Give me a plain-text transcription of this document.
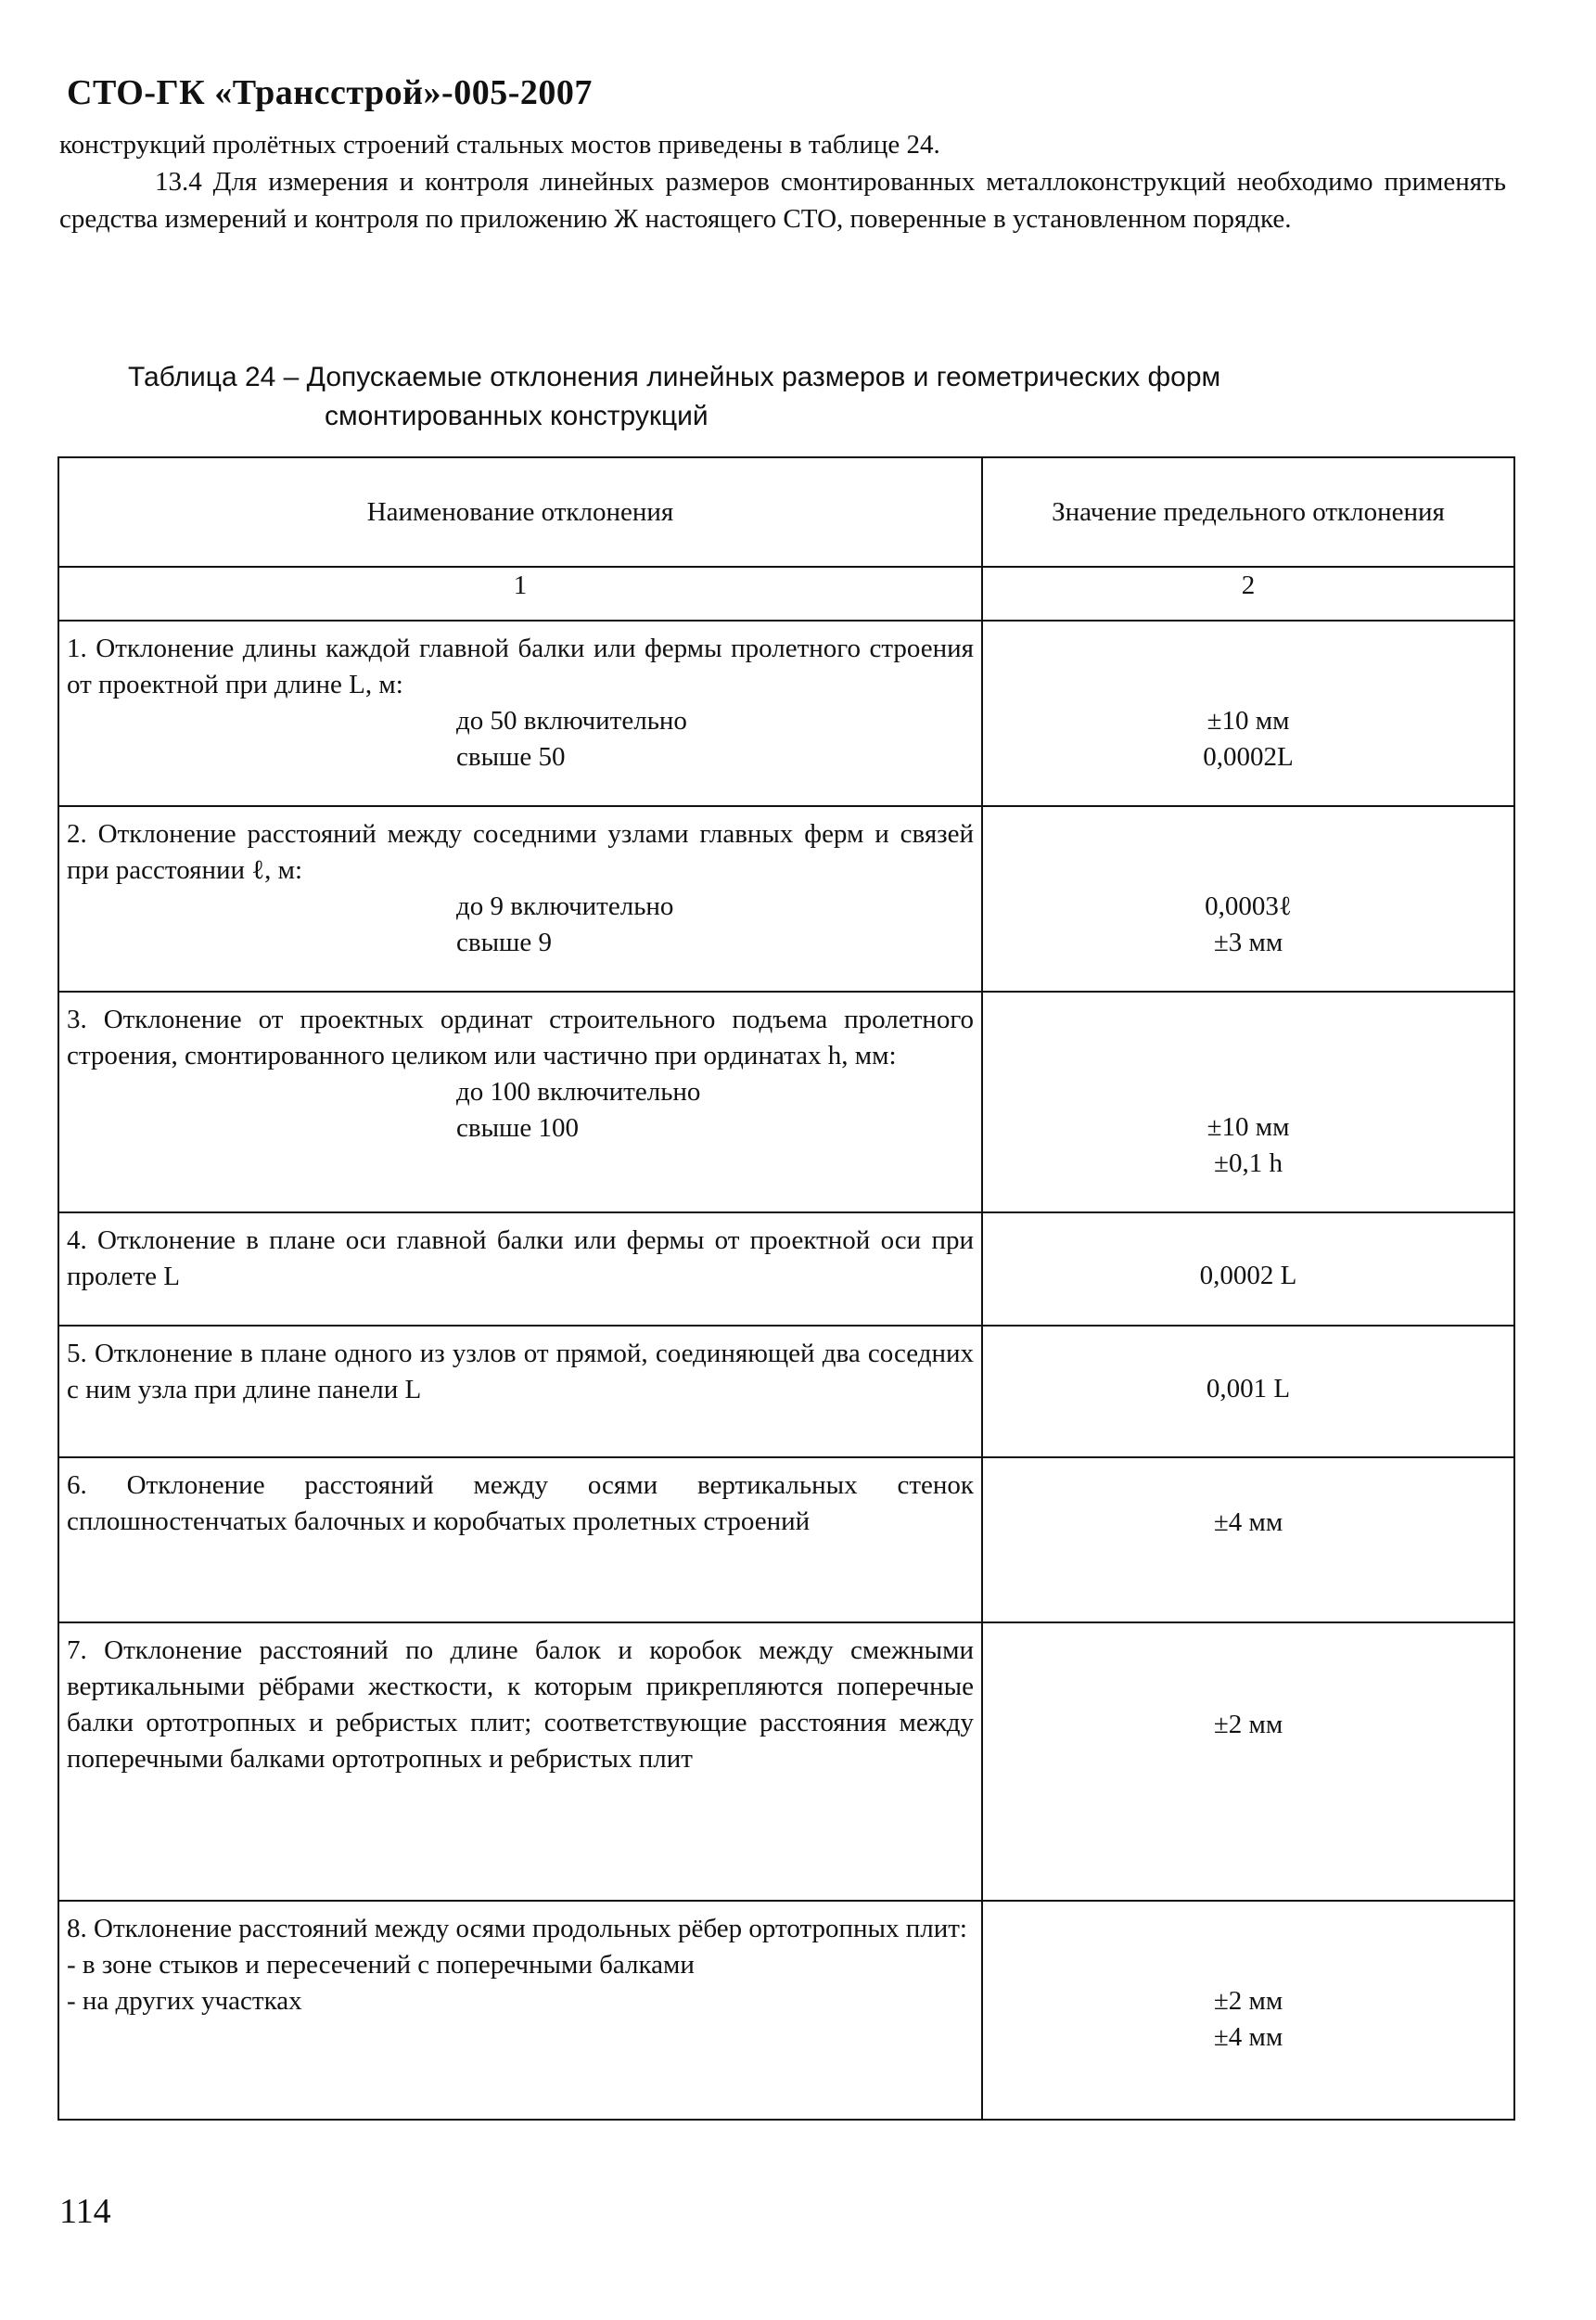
СТО-ГК «Трансстрой»-005-2007

конструкций пролётных строений стальных мостов приведены в таблице 24.

13.4 Для измерения и контроля линейных размеров смонтированных металлоконструкций необходимо применять средства измерений и контроля по приложению Ж настоящего СТО, поверенные в установленном порядке.

Таблица 24 – Допускаемые отклонения линейных размеров и геометрических форм
смонтированных конструкций
Наименование отклонения	Значение предельного отклонения
1	2
1. Отклонение длины каждой главной балки или фермы пролетного строения от проектной при длине L, м:
до 50 включительно
свыше 50	±10 мм
0,0002L

2. Отклонение расстояний между соседними узлами главных ферм и связей при расстоянии ℓ, м:
до 9 включительно
свыше 9	0,0003ℓ
±3 мм

3. Отклонение от проектных ординат строительного подъема пролетного строения, смонтированного целиком или частично при ординатах h, мм:
до 100 включительно
свыше 100	±10 мм
±0,1 h

4. Отклонение в плане оси главной балки или фермы от проектной оси при пролете L	0,0002 L

5. Отклонение в плане одного из узлов от прямой, соединяющей два соседних с ним узла при длине панели L	0,001 L

6. Отклонение расстояний между осями вертикальных стенок сплошностенчатых балочных и коробчатых пролетных строений	±4 мм

7. Отклонение расстояний по длине балок и коробок между смежными вертикальными рёбрами жесткости, к которым прикрепляются поперечные балки ортотропных и ребристых плит; соответствующие расстояния между поперечными балками ортотропных и ребристых плит	±2 мм

8. Отклонение расстояний между осями продольных рёбер ортотропных плит:
- в зоне стыков и пересечений с поперечными балками
- на других участках	±2 мм
±4 мм
114
